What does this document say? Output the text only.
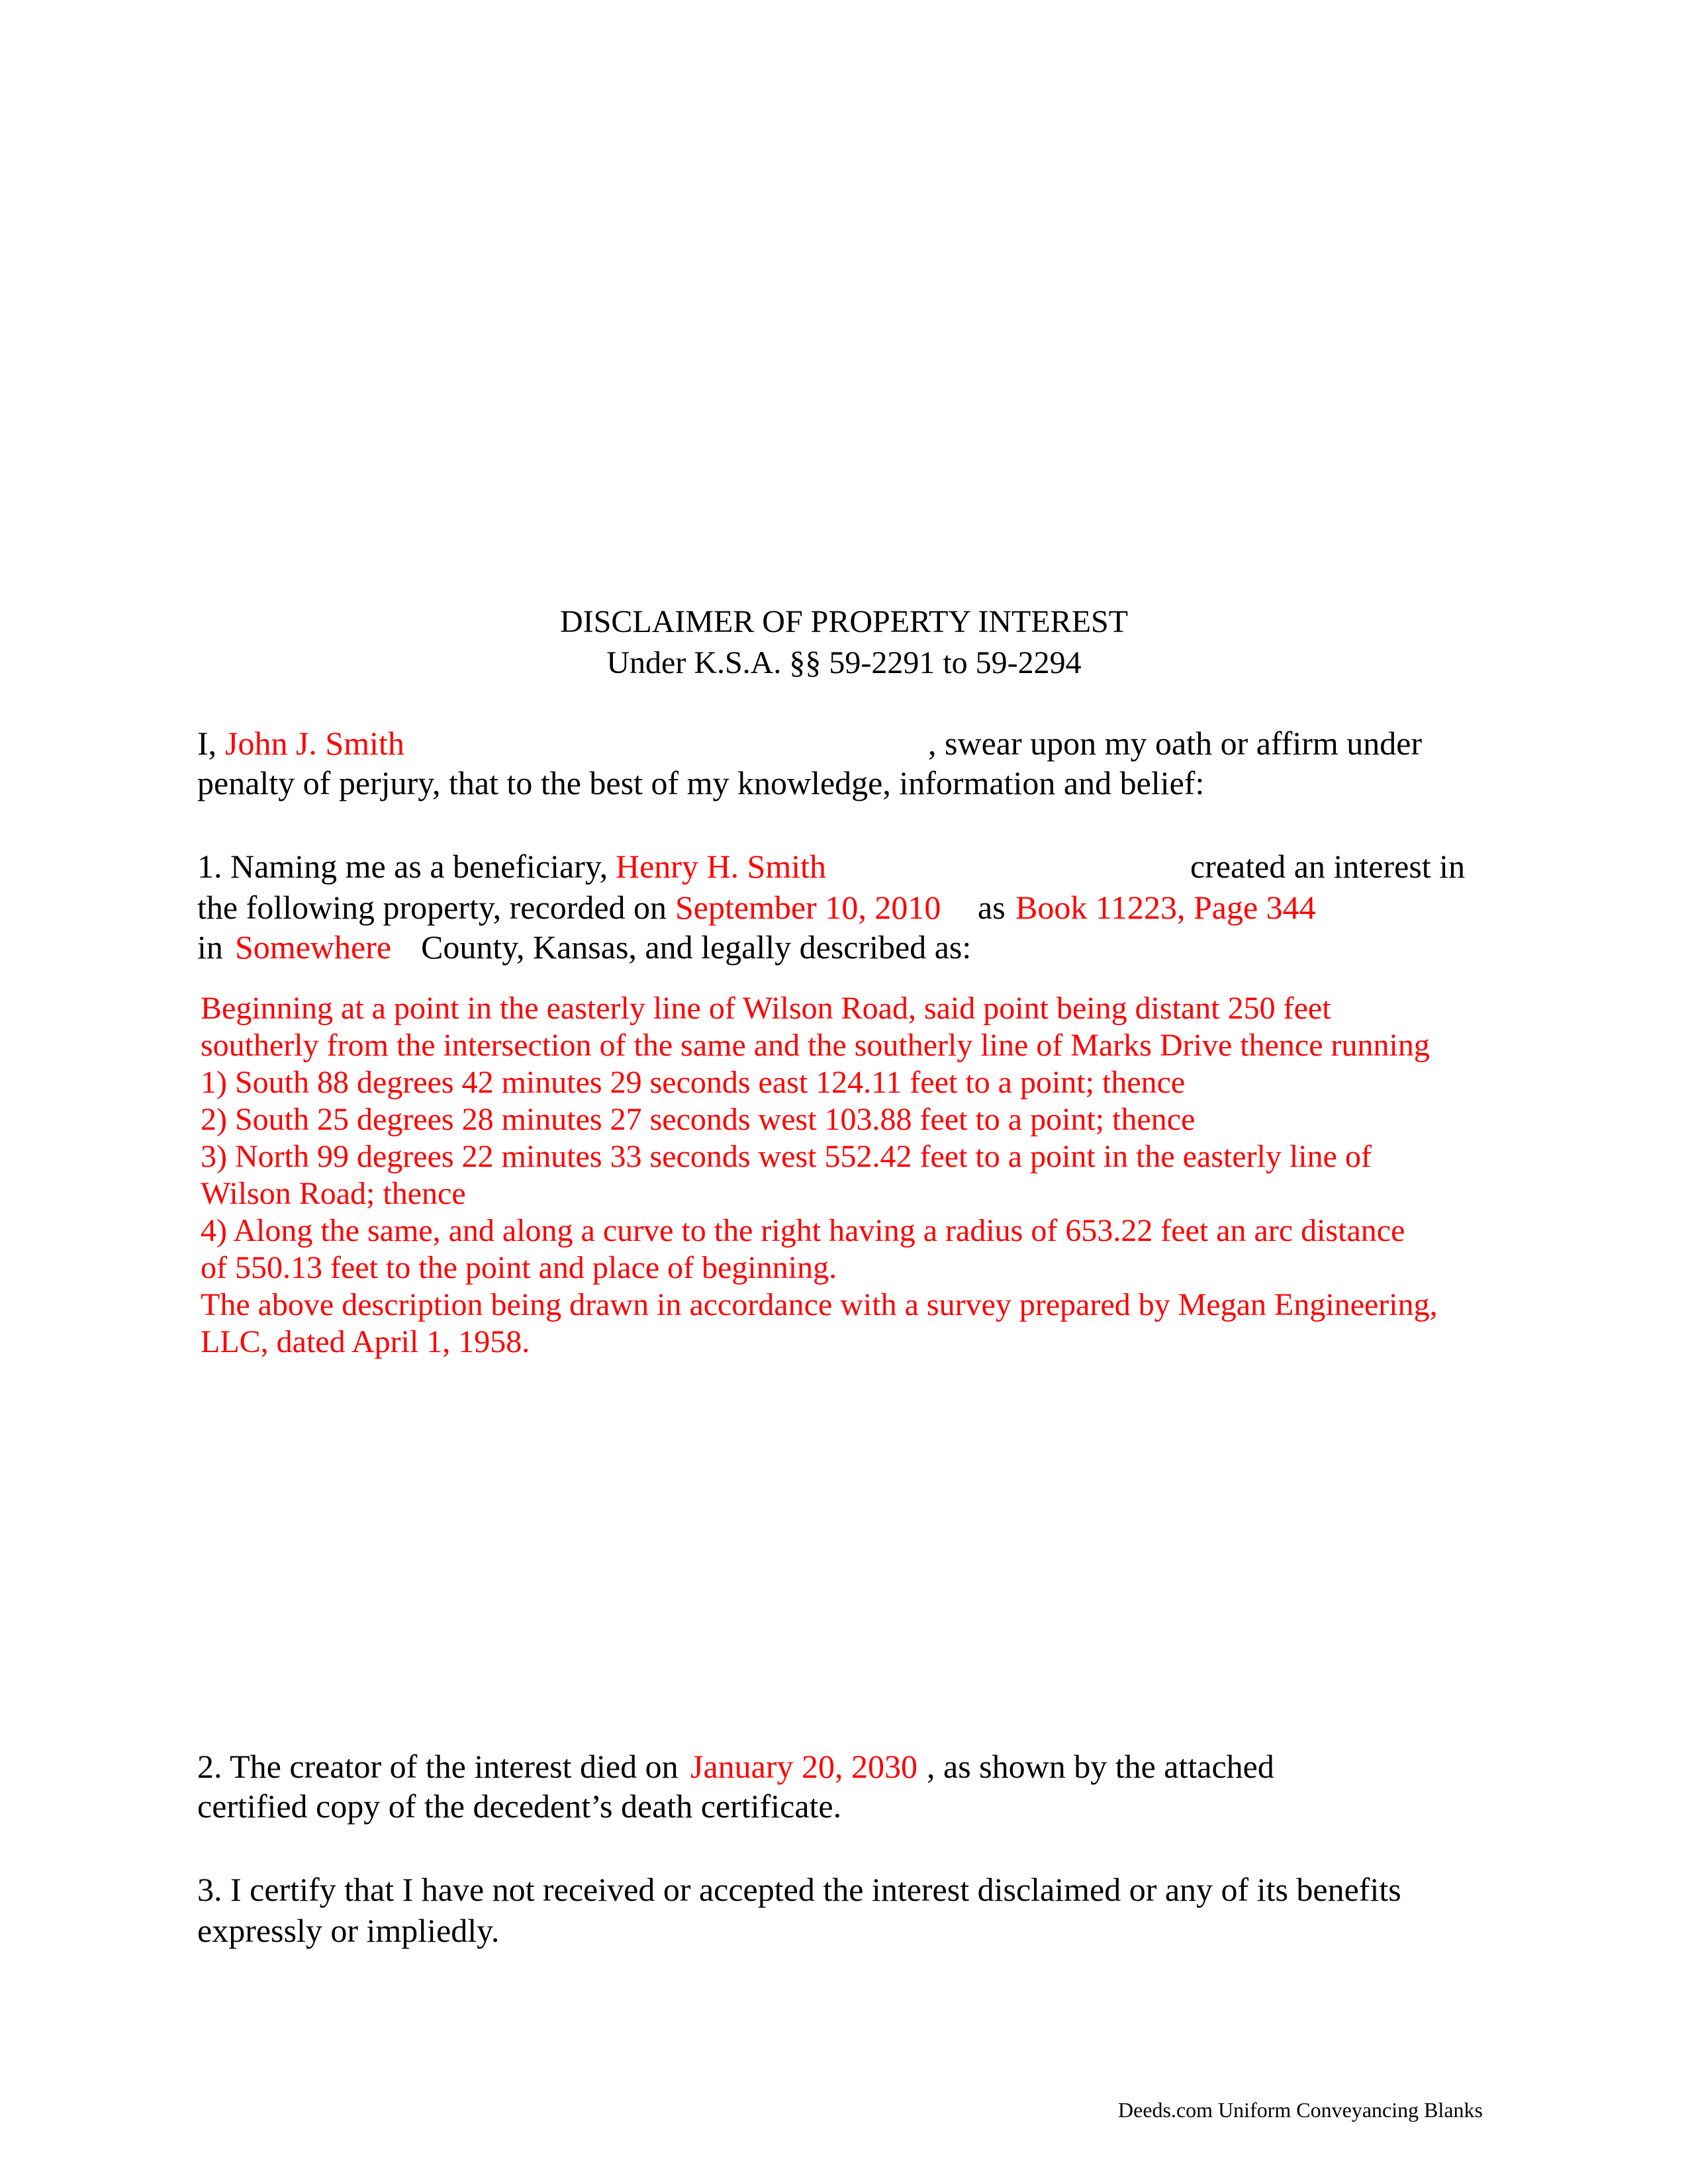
DISCLAIMER OF PROPERTY INTEREST
Under K.S.A. §§ 59-2291 to 59-2294
I, John J. Smith	, swear upon my oath or affirm under
penalty of perjury, that to the best of my knowledge, information and belief:
1. Naming me as a beneficiary, Henry H. Smith	created an interest in
the following property, recorded on September 10, 2010 as Book 11223, Page 344
in Somewhere County, Kansas, and legally described as:
Beginning at a point in the easterly line of Wilson Road, said point being distant 250 feet
southerly from the intersection of the same and the southerly line of Marks Drive thence running
1) South 88 degrees 42 minutes 29 seconds east 124.11 feet to a point; thence
2) South 25 degrees 28 minutes 27 seconds west 103.88 feet to a point; thence
3) North 99 degrees 22 minutes 33 seconds west 552.42 feet to a point in the easterly line of
Wilson Road; thence
4) Along the same, and along a curve to the right having a radius of 653.22 feet an arc distance
of 550.13 feet to the point and place of beginning.
The above description being drawn in accordance with a survey prepared by Megan Engineering,
LLC, dated April 1, 1958.
2. The creator of the interest died on January 20, 2030 , as shown by the attached
certified copy of the decedent’s death certificate.
3. I certify that I have not received or accepted the interest disclaimed or any of its benefits
expressly or impliedly.
Deeds.com Uniform Conveyancing Blanks
